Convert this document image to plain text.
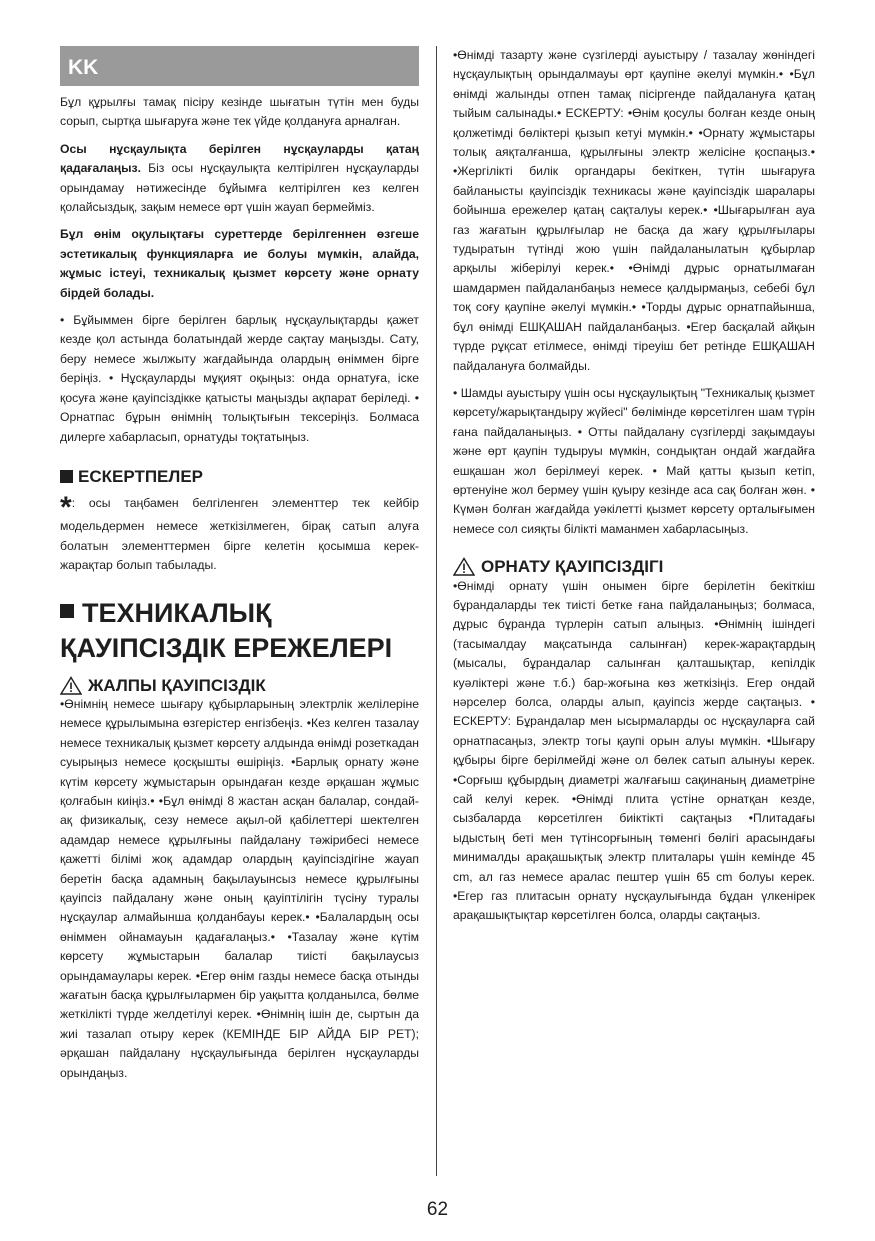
KK

Бұл құрылғы тамақ пісіру кезінде шығатын түтін мен буды сорып, сыртқа шығаруға және тек үйде қолдануға арналған.

Осы нұсқаулықта берілген нұсқауларды қатаң қадағалаңыз. Біз осы нұсқаулықта келтірілген нұсқауларды орындамау нәтижесінде бұйымға келтірілген кез келген қолайсыздық, зақым немесе өрт үшін жауап бермейміз.

Бұл өнім оқулықтағы суреттерде берілгеннен өзгеше эстетикалық функцияларға ие болуы мүмкін, алайда, жұмыс істеуі, техникалық қызмет көрсету және орнату бірдей болады.

• Бұйыммен бірге берілген барлық нұсқаулықтарды қажет кезде қол астында болатындай жерде сақтау маңызды. Сату, беру немесе жылжыту жағдайында олардың өніммен бірге беріңіз. • Нұсқауларды мұқият оқыңыз: онда орнатуға, іске қосуға және қауіпсіздікке қатысты маңызды ақпарат беріледі. • Орнатпас бұрын өнімнің толықтығын тексеріңіз. Болмаса дилерге хабарласып, орнатуды тоқтатыңыз.

ЕСКЕРТПЕЛЕР

*: осы таңбамен белгіленген элементтер тек кейбір модельдермен немесе жеткізілмеген, бірақ сатып алуға болатын элементтермен бірге келетін қосымша керек-жарақтар болып табылады.

ТЕХНИКАЛЫҚ ҚАУІПСІЗДІК ЕРЕЖЕЛЕРІ
ЖАЛПЫ ҚАУІПСІЗДІК

•Өнімнің немесе шығару құбырларының электрлік желілеріне немесе құрылымына өзгерістер енгізбеңіз. •Кез келген тазалау немесе техникалық қызмет көрсету алдында өнімді розеткадан суырыңыз немесе қосқышты өшіріңіз. •Барлық орнату және күтім көрсету жұмыстарын орындаған кезде әрқашан жұмыс қолғабын киіңіз.• •Бұл өнімді 8 жастан асқан балалар, сондай-ақ физикалық, сезу немесе ақыл-ой қабілеттері шектелген адамдар немесе құрылғыны пайдалану тәжірибесі немесе қажетті білімі жоқ адамдар олардың қауіпсіздігіне жауап беретін басқа адамның бақылауынсыз немесе құрылғыны қауіпсіз пайдалану және оның қауіптілігін түсіну туралы нұсқаулар алмайынша қолданбауы керек.• •Балалардың осы өніммен ойнамауын қадағалаңыз.• •Тазалау және күтім көрсету жұмыстарын балалар тиісті бақылаусыз орындамаулары керек. •Егер өнім газды немесе басқа отынды жағатын басқа құрылғылармен бір уақытта қолданылса, бөлме жеткілікті түрде желдетілуі керек. •Өнімнің ішін де, сыртын да жиі тазалап отыру керек (КЕМІНДЕ БІР АЙДА БІР РЕТ); әрқашан пайдалану нұсқаулығында берілген нұсқауларды орындаңыз.

•Өнімді тазарту және сүзгілерді ауыстыру / тазалау жөніндегі нұсқаулықтың орындалмауы өрт қаупіне әкелуі мүмкін.• •Бұл өнімді жалынды отпен тамақ пісіргенде пайдалануға қатаң тыйым салынады.• ЕСКЕРТУ: •Өнім қосулы болған кезде оның қолжетімді бөліктері қызып кетуі мүмкін.• •Орнату жұмыстары толық аяқталғанша, құрылғыны электр желісіне қоспаңыз.• •Жергілікті билік органдары бекіткен, түтін шығаруға байланысты қауіпсіздік техникасы және қауіпсіздік шаралары бойынша ережелер қатаң сақталуы керек.• •Шығарылған ауа газ жағатын құрылғылар не басқа да жағу құрылғылары тудыратын түтінді жою үшін пайдаланылатын құбырлар арқылы жіберілуі керек.• •Өнімді дұрыс орнатылмаған шамдармен пайдаланбаңыз немесе қалдырмаңыз, себебі бұл тоқ соғу қаупіне әкелуі мүмкін.• •Торды дұрыс орнатпайынша, бұл өнімді ЕШҚАШАН пайдаланбаңыз. •Егер басқалай айқын түрде рұқсат етілмесе, өнімді тіреуіш бет ретінде ЕШҚАШАН пайдалануға болмайды.

• Шамды ауыстыру үшін осы нұсқаулықтың "Техникалық қызмет көрсету/жарықтандыру жүйесі" бөлімінде көрсетілген шам түрін ғана пайдаланыңыз. • Отты пайдалану сүзгілерді зақымдауы және өрт қаупін тудыруы мүмкін, сондықтан ондай жағдайға ешқашан жол берілмеуі керек. • Май қатты қызып кетіп, өртенуіне жол бермеу үшін қуыру кезінде аса сақ болған жөн. • Күмән болған жағдайда уәкілетті қызмет көрсету орталығымен немесе сол сияқты білікті маманмен хабарласыңыз.

ОРНАТУ ҚАУІПСІЗДІГІ

•Өнімді орнату үшін онымен бірге берілетін бекіткіш бұрандаларды тек тиісті бетке ғана пайдаланыңыз; болмаса, дұрыс бұранда түрлерін сатып алыңыз. •Өнімнің ішіндегі (тасымалдау мақсатында салынған) керек-жарақтардың (мысалы, бұрандалар салынған қалташықтар, кепілдік куәліктері және т.б.) бар-жоғына көз жеткізіңіз. Егер ондай нәрселер болса, оларды алып, қауіпсіз жерде сақтаңыз. • ЕСКЕРТУ: Бұрандалар мен ысырмаларды ос нұсқауларға сай орнатпасаңыз, электр тогы қаупі орын алуы мүмкін. •Шығару құбыры бірге берілмейді және ол бөлек сатып алынуы керек. •Сорғыш құбырдың диаметрі жалғағыш сақинаның диаметріне сай келуі керек. •Өнімді плита үстіне орнатқан кезде, сызбаларда көрсетілген биіктікті сақтаңыз •Плитадағы ыдыстың беті мен түтінсорғының төменгі бөлігі арасындағы минималды арақашықтық электр плиталары үшін кемінде 45 cm, ал газ немесе аралас пештер үшін 65 cm болуы керек. •Егер газ плитасын орнату нұсқаулығында бұдан үлкенірек арақашықтықтар көрсетілген болса, оларды сақтаңыз.

62
